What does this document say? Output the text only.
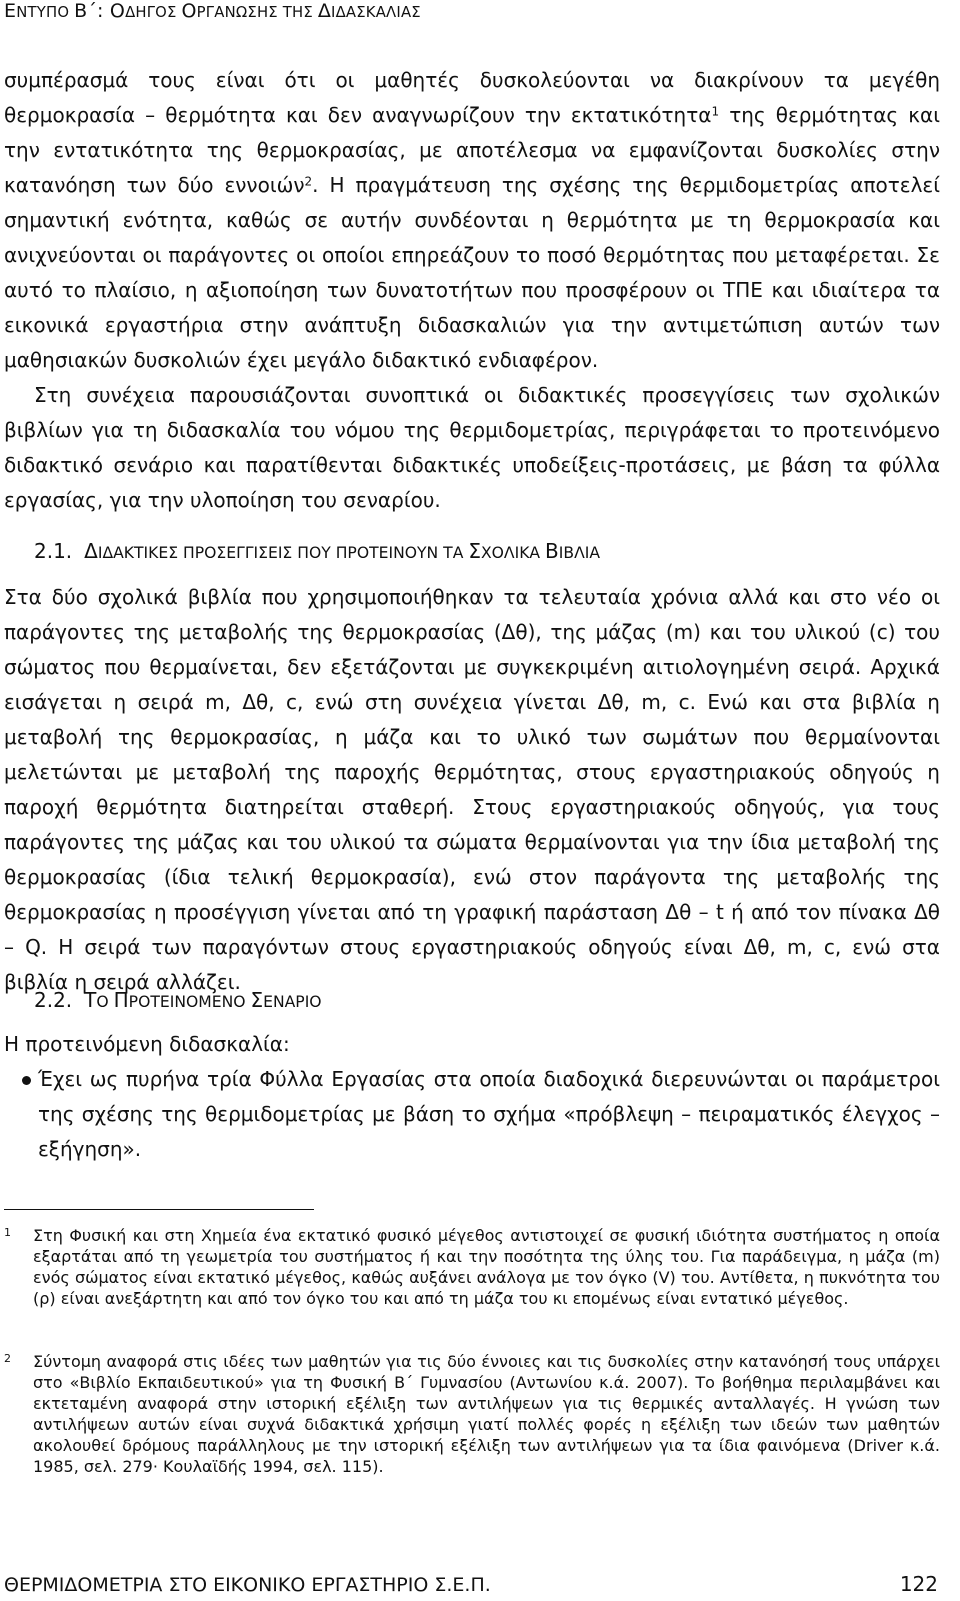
ΕΝΤΥΠΟ Β΄: ΟΔΗΓΟΣ ΟΡΓΑΝΩΣΗΣ ΤΗΣ ΔΙΔΑΣΚΑΛΙΑΣ

συμπέρασμά τους είναι ότι οι μαθητές δυσκολεύονται να διακρίνουν τα μεγέθη θερμοκρασία – θερμότητα και δεν αναγνωρίζουν την εκτατικότητα$^1$ της θερμότητας και την εντατικότητα της θερμοκρασίας, με αποτέλεσμα να εμφανίζονται δυσκολίες στην κατανόηση των δύο εννοιών$^2$. Η πραγμάτευση της σχέσης της θερμιδομετρίας αποτελεί σημαντική ενότητα, καθώς σε αυτήν συνδέονται η θερμότητα με τη θερμοκρασία και ανιχνεύονται οι παράγοντες οι οποίοι επηρεάζουν το ποσό θερμότητας που μεταφέρεται. Σε αυτό το πλαίσιο, η αξιοποίηση των δυνατοτήτων που προσφέρουν οι ΤΠΕ και ιδιαίτερα τα εικονικά εργαστήρια στην ανάπτυξη διδασκαλιών για την αντιμετώπιση αυτών των μαθησιακών δυσκολιών έχει μεγάλο διδακτικό ενδιαφέρον.

Στη συνέχεια παρουσιάζονται συνοπτικά οι διδακτικές προσεγγίσεις των σχολικών βιβλίων για τη διδασκαλία του νόμου της θερμιδομετρίας, περιγράφεται το προτεινόμενο διδακτικό σενάριο και παρατίθενται διδακτικές υποδείξεις-προτάσεις, με βάση τα φύλλα εργασίας, για την υλοποίηση του σεναρίου.

2.1. ΔΙΔΑΚΤΙΚΕΣ ΠΡΟΣΕΓΓΙΣΕΙΣ ΠΟΥ ΠΡΟΤΕΙΝΟΥΝ ΤΑ ΣΧΟΛΙΚΑ ΒΙΒΛΙΑ

Στα δύο σχολικά βιβλία που χρησιμοποιήθηκαν τα τελευταία χρόνια αλλά και στο νέο οι παράγοντες της μεταβολής της θερμοκρασίας (Δθ), της μάζας (m) και του υλικού (c) του σώματος που θερμαίνεται, δεν εξετάζονται με συγκεκριμένη αιτιολογημένη σειρά. Αρχικά εισάγεται η σειρά m, Δθ, c, ενώ στη συνέχεια γίνεται Δθ, m, c. Ενώ και στα βιβλία η μεταβολή της θερμοκρασίας, η μάζα και το υλικό των σωμάτων που θερμαίνονται μελετώνται με μεταβολή της παροχής θερμότητας, στους εργαστηριακούς οδηγούς η παροχή θερμότητα διατηρείται σταθερή. Στους εργαστηριακούς οδηγούς, για τους παράγοντες της μάζας και του υλικού τα σώματα θερμαίνονται για την ίδια μεταβολή της θερμοκρασίας (ίδια τελική θερμοκρασία), ενώ στον παράγοντα της μεταβολής της θερμοκρασίας η προσέγγιση γίνεται από τη γραφική παράσταση Δθ – t ή από τον πίνακα Δθ – Q. Η σειρά των παραγόντων στους εργαστηριακούς οδηγούς είναι Δθ, m, c, ενώ στα βιβλία η σειρά αλλάζει.

2.2. ΤΟ ΠΡΟΤΕΙΝΟΜΕΝΟ ΣΕΝΑΡΙΟ
Η προτεινόμενη διδασκαλία:
Έχει ως πυρήνα τρία Φύλλα Εργασίας στα οποία διαδοχικά διερευνώνται οι παράμετροι της σχέσης της θερμιδομετρίας με βάση το σχήμα «πρόβλεψη – πειραματικός έλεγχος – εξήγηση».
1 Στη Φυσική και στη Χημεία ένα εκτατικό φυσικό μέγεθος αντιστοιχεί σε φυσική ιδιότητα συστήματος η οποία εξαρτάται από τη γεωμετρία του συστήματος ή και την ποσότητα της ύλης του. Για παράδειγμα, η μάζα (m) ενός σώματος είναι εκτατικό μέγεθος, καθώς αυξάνει ανάλογα με τον όγκο (V) του. Αντίθετα, η πυκνότητα του (ρ) είναι ανεξάρτητη και από τον όγκο του και από τη μάζα του κι επομένως είναι εντατικό μέγεθος.
2 Σύντομη αναφορά στις ιδέες των μαθητών για τις δύο έννοιες και τις δυσκολίες στην κατανόησή τους υπάρχει στο «Βιβλίο Εκπαιδευτικού» για τη Φυσική Β΄ Γυμνασίου (Αντωνίου κ.ά. 2007). Το βοήθημα περιλαμβάνει και εκτεταμένη αναφορά στην ιστορική εξέλιξη των αντιλήψεων για τις θερμικές ανταλλαγές. Η γνώση των αντιλήψεων αυτών είναι συχνά διδακτικά χρήσιμη γιατί πολλές φορές η εξέλιξη των ιδεών των μαθητών ακολουθεί δρόμους παράλληλους με την ιστορική εξέλιξη των αντιλήψεων για τα ίδια φαινόμενα (Driver κ.ά. 1985, σελ. 279· Κουλαϊδής 1994, σελ. 115).
ΘΕΡΜΙΔΟΜΕΤΡΙΑ ΣΤΟ ΕΙΚΟΝΙΚΟ ΕΡΓΑΣΤΗΡΙΟ Σ.Ε.Π.	122
